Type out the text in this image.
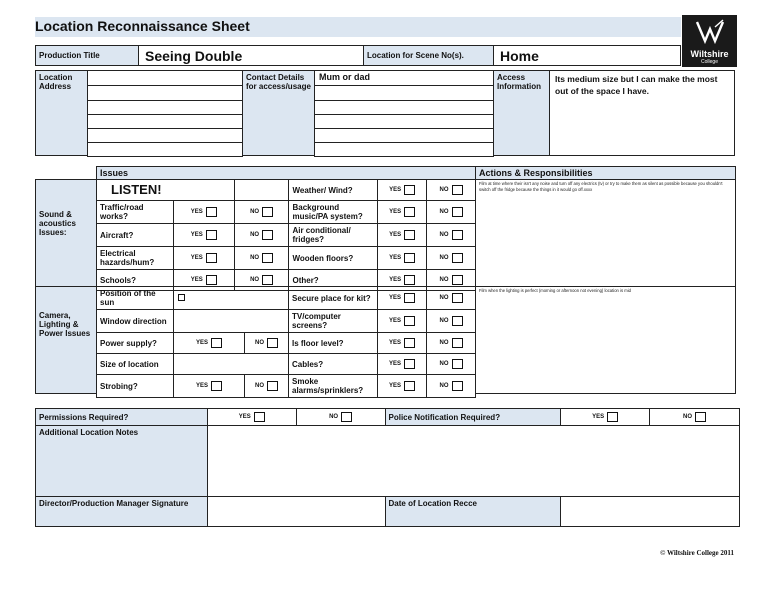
Location Reconnaissance Sheet
Wiltshire
College
Production Title	Seeing Double	Location for Scene No(s).	Home
Location Address

Contact Details for access/usage

Mum or dad	Access Information
Its medium size but I can make the most out of the space I have.
Issues	Actions & Responsibilities
Sound & acoustics Issues:
LISTEN!			Weather/ Wind?	YES	NO

Traffic/road works?	YES	NO	Background music/PA system?	YES	NO

Aircraft?	YES	NO	Air conditional/ fridges?	YES	NO

Electrical hazards/hum?	YES	NO	Wooden floors?	YES	NO

Schools?	YES	NO	Other?	YES	NO
Film at time where their isn't any noise and turn off any electrics (tv) or try to make them as silent as possible because you shouldn't switch off the fridge because the things in it would go off.xxxx
Camera, Lighting & Power Issues
Position of the sun			Secure place for kit?	YES	NO

Window direction			TV/computer screens?	YES	NO

Power supply?	YES	NO	Is floor level?	YES	NO

Size of location			Cables?	YES	NO

Strobing?	YES	NO	Smoke alarms/sprinklers?	YES	NO
Film when the lighting is perfect (morning or afternoon not evening) location is mid
Permissions Required?	YES	NO	Police Notification Required?	YES	NO

Additional Location Notes					
Director/Production Manager Signature			Date of Location Recce		
© Wiltshire College 2011
